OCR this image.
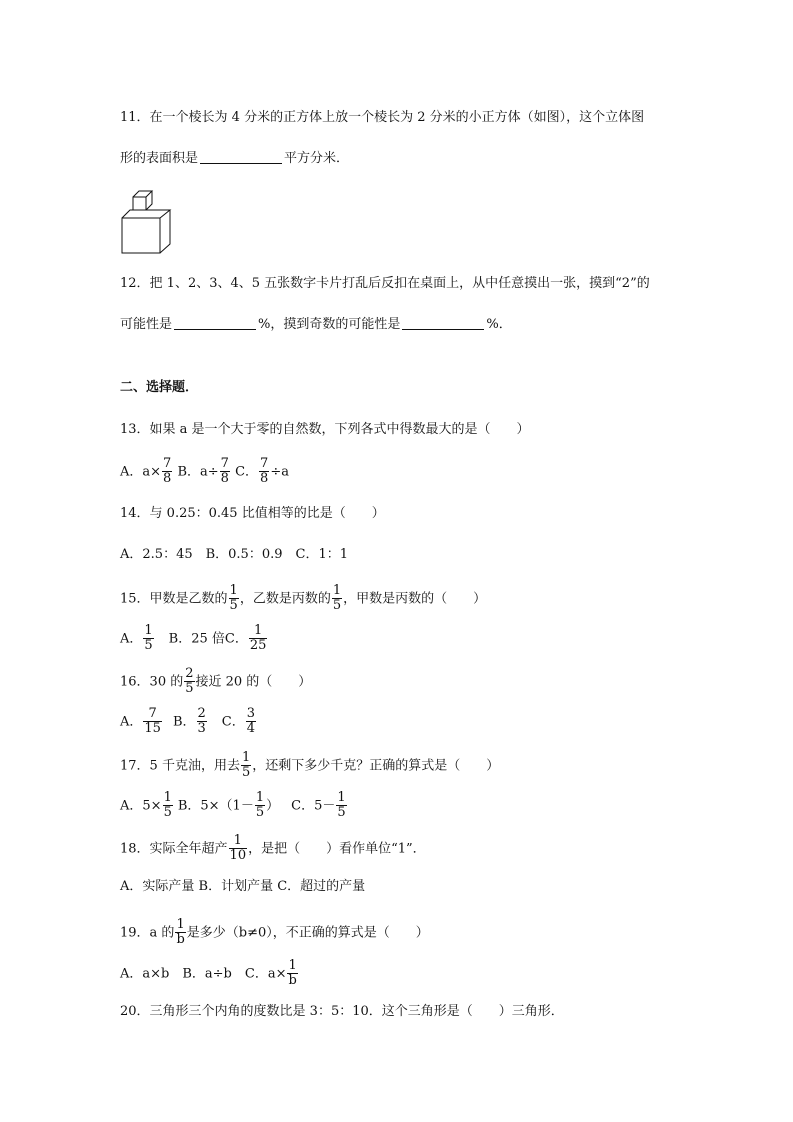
11．在一个棱长为 4 分米的正方体上放一个棱长为 2 分米的小正方体（如图），这个立体图
形的表面积是	平方分米．
12．把 1、2、3、4、5 五张数字卡片打乱后反扣在桌面上，从中任意摸出一张，摸到“2”的
可能性是	%，摸到奇数的可能性是	%．
二、选择题．
13．如果 a 是一个大于零的自然数，下列各式中得数最大的是（　　）
A．$a\times \frac{7}{8}$ B．$a\div \frac{7}{8}$ C． $\frac{7}{8} \div a$
14．与 0.25：0.45 比值相等的比是（　　）
A．2.5：45　B．0.5：0.9　C．1：1
15．甲数是乙数的 $\frac{1}{5}$ ，乙数是丙数的 $\frac{1}{5}$ ，甲数是丙数的（　　）
A． $\frac{1}{5}$ B．25 倍C． $\frac{1}{25}$
16．30 的 $\frac{2}{5}$ 接近 20 的（　　）
A． $\frac{7}{15}$ B． $\frac{2}{3}$ C． $\frac{3}{4}$
17．5 千克油，用去 $\frac{1}{5}$ ，还剩下多少千克？正确的算式是（　　）
A．$5\times \frac{1}{5}$ B．$5\times(1- \frac{1}{5}$ ） C．$5- \frac{1}{5}$
18．实际全年超产 $\frac{1}{10}$ ，是把（　　）看作单位“1”．
A．实际产量 B．计划产量 C．超过的产量
19．a 的 $\frac{1}{b}$ 是多少（b≠0），不正确的算式是（　　）
A．a×b　B．a÷b　C．$a\times \frac{1}{b}$
20．三角形三个内角的度数比是 3：5：10．这个三角形是（　　）三角形．
